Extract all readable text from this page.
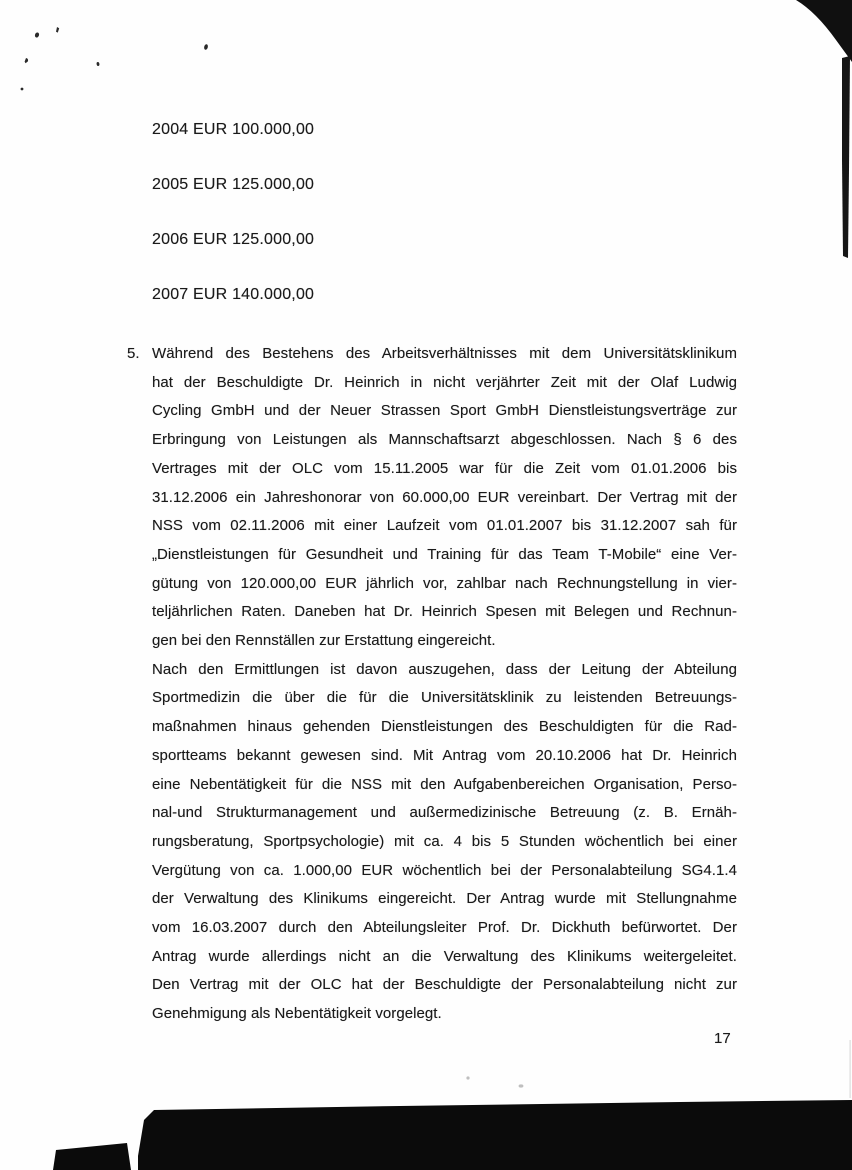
2004 EUR 100.000,00
2005 EUR 125.000,00
2006 EUR 125.000,00
2007 EUR 140.000,00
5. Während des Bestehens des Arbeitsverhältnisses mit dem Universitätsklinikum
hat der Beschuldigte Dr. Heinrich in nicht verjährter Zeit mit der Olaf Ludwig
Cycling GmbH und der Neuer Strassen Sport GmbH Dienstleistungsverträge zur
Erbringung von Leistungen als Mannschaftsarzt abgeschlossen. Nach § 6 des
Vertrages mit der OLC vom 15.11.2005 war für die Zeit vom 01.01.2006 bis
31.12.2006 ein Jahreshonorar von 60.000,00 EUR vereinbart. Der Vertrag mit der
NSS vom 02.11.2006 mit einer Laufzeit vom 01.01.2007 bis 31.12.2007 sah für
„Dienstleistungen für Gesundheit und Training für das Team T-Mobile“ eine Ver-
gütung von 120.000,00 EUR jährlich vor, zahlbar nach Rechnungstellung in vier-
teljährlichen Raten. Daneben hat Dr. Heinrich Spesen mit Belegen und Rechnun-
gen bei den Rennställen zur Erstattung eingereicht.
Nach den Ermittlungen ist davon auszugehen, dass der Leitung der Abteilung
Sportmedizin die über die für die Universitätsklinik zu leistenden Betreuungs-
maßnahmen hinaus gehenden Dienstleistungen des Beschuldigten für die Rad-
sportteams bekannt gewesen sind. Mit Antrag vom 20.10.2006 hat Dr. Heinrich
eine Nebentätigkeit für die NSS mit den Aufgabenbereichen Organisation, Perso-
nal-und Strukturmanagement und außermedizinische Betreuung (z. B. Ernäh-
rungsberatung, Sportpsychologie) mit ca. 4 bis 5 Stunden wöchentlich bei einer
Vergütung von ca. 1.000,00 EUR wöchentlich bei der Personalabteilung SG4.1.4
der Verwaltung des Klinikums eingereicht. Der Antrag wurde mit Stellungnahme
vom 16.03.2007 durch den Abteilungsleiter Prof. Dr. Dickhuth befürwortet. Der
Antrag wurde allerdings nicht an die Verwaltung des Klinikums weitergeleitet.
Den Vertrag mit der OLC hat der Beschuldigte der Personalabteilung nicht zur
Genehmigung als Nebentätigkeit vorgelegt.
17
